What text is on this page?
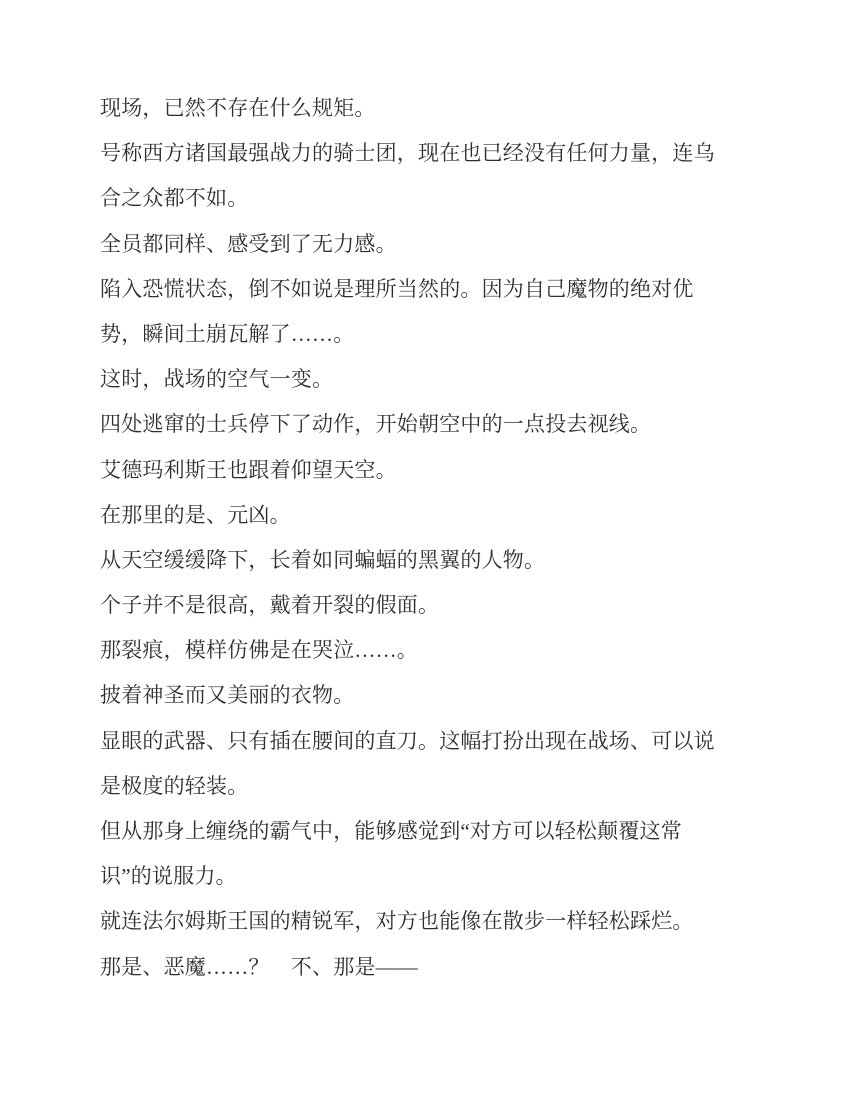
现场，已然不存在什么规矩。
号称西方诸国最强战力的骑士团，现在也已经没有任何力量，连乌
合之众都不如。
全员都同样、感受到了无力感。
陷入恐慌状态，倒不如说是理所当然的。因为自己魔物的绝对优
势，瞬间土崩瓦解了……。
这时，战场的空气一变。
四处逃窜的士兵停下了动作，开始朝空中的一点投去视线。
艾德玛利斯王也跟着仰望天空。
在那里的是、元凶。
从天空缓缓降下，长着如同蝙蝠的黑翼的人物。
个子并不是很高，戴着开裂的假面。
那裂痕，模样仿佛是在哭泣……。
披着神圣而又美丽的衣物。
显眼的武器、只有插在腰间的直刀。这幅打扮出现在战场、可以说
是极度的轻装。
但从那身上缠绕的霸气中，能够感觉到“对方可以轻松颠覆这常
识”的说服力。
就连法尔姆斯王国的精锐军，对方也能像在散步一样轻松踩烂。
那是、恶魔……？　不、那是——
